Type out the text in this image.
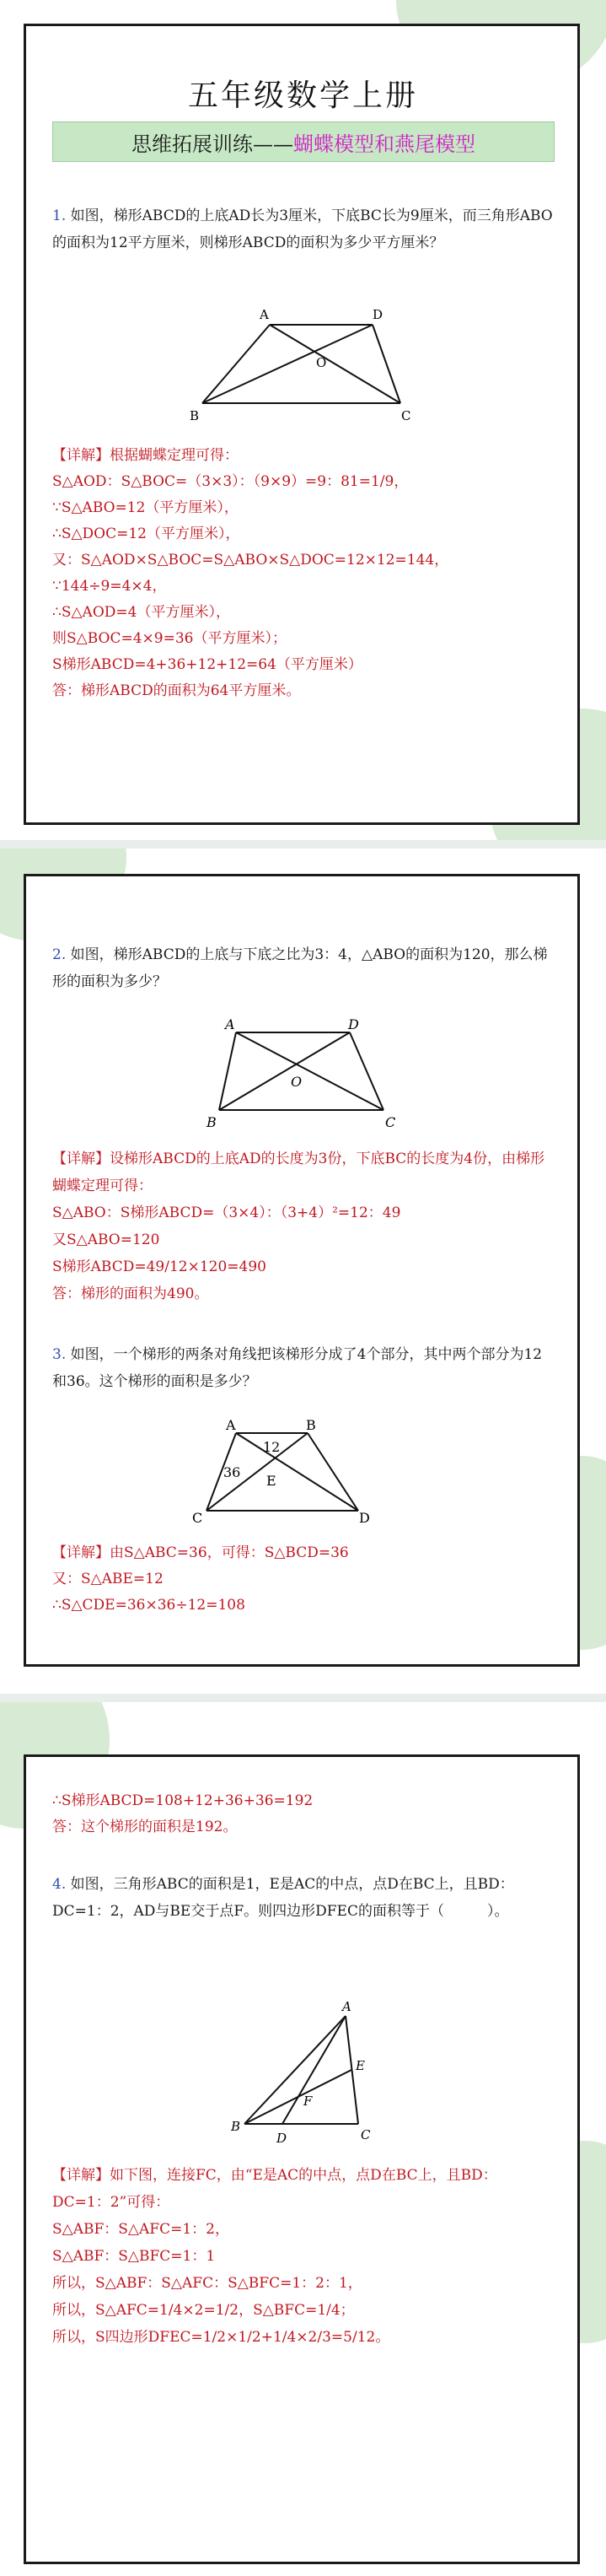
五年级数学上册
思维拓展训练—— 蝴蝶模型和燕尾模型
1. 如图，梯形ABCD的上底AD长为3厘米，下底BC长为9厘米，而三角形ABO的面积为12平方厘米，则梯形ABCD的面积为多少平方厘米？
A	D
O
B	C
【详解】根据蝴蝶定理可得：
S△AOD：S△BOC=（3×3）：（9×9）=9：81=1/9，
∵S△ABO=12（平方厘米），
∴S△DOC=12（平方厘米），
又：S△AOD×S△BOC=S△ABO×S△DOC=12×12=144，
∵144÷9=4×4，
∴S△AOD=4（平方厘米），
则S△BOC=4×9=36（平方厘米）；
S梯形ABCD=4+36+12+12=64（平方厘米）
答：梯形ABCD的面积为64平方厘米。
2. 如图，梯形ABCD的上底与下底之比为3：4，△ABO的面积为120，那么梯形的面积为多少？
A	D
O
B	C
【详解】设梯形ABCD的上底AD的长度为3份，下底BC的长度为4份，由梯形蝴蝶定理可得：
S△ABO：S梯形ABCD=（3×4）：（3+4）²=12：49
又S△ABO=120
S梯形ABCD=49/12×120=490
答：梯形的面积为490。
3. 如图，一个梯形的两条对角线把该梯形分成了4个部分，其中两个部分为12和36。这个梯形的面积是多少？
A	B
C	D
E
12
36
【详解】由S△ABC=36，可得：S△BCD=36
又：S△ABE=12
∴S△CDE=36×36÷12=108
∴S梯形ABCD=108+12+36+36=192
答：这个梯形的面积是192。
4. 如图，三角形ABC的面积是1，E是AC的中点，点D在BC上，且BD：DC=1：2，AD与BE交于点F。则四边形DFEC的面积等于（　　　）。
A
B
C
D
E
F
【详解】如下图，连接FC，由“E是AC的中点，点D在BC上，且BD：DC=1：2”可得：
S△ABF：S△AFC=1：2，
S△ABF：S△BFC=1：1
所以，S△ABF：S△AFC：S△BFC=1：2：1，
所以，S△AFC=1/4×2=1/2，S△BFC=1/4；
所以，S四边形DFEC=1/2×1/2+1/4×2/3=5/12。
